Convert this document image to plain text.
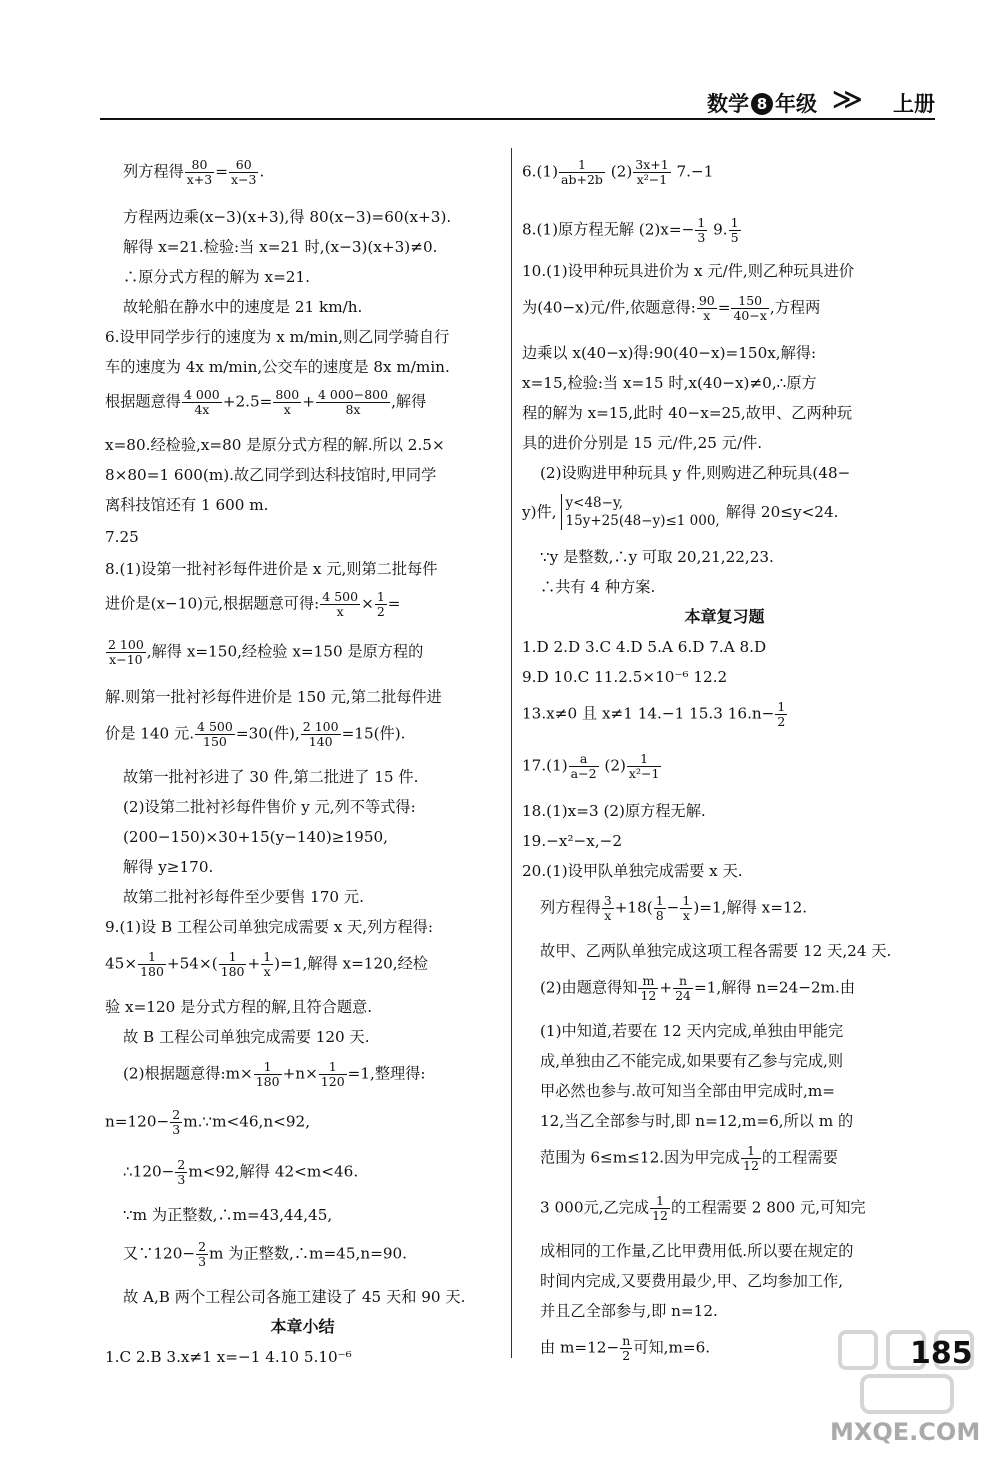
数学 8 年级 ≫ 上册
列方程得 $\frac{80}{x+3} = \frac{60}{x-3}$ .
方程两边乘(x−3)(x+3),得 80(x−3)=60(x+3).
解得 x=21.检验:当 x=21 时,(x−3)(x+3)≠0.
∴原分式方程的解为 x=21.
故轮船在静水中的速度是 21 km/h.
6.设甲同学步行的速度为 x m/min,则乙同学骑自行
车的速度为 4x m/min,公交车的速度是 8x m/min.
根据题意得 $\frac{4 000}{4x} +2.5= \frac{800}{x} + \frac{4 000-800}{8x}$ ,解得
x=80.经检验,x=80 是原分式方程的解.所以 2.5×
8×80=1 600(m).故乙同学到达科技馆时,甲同学
离科技馆还有 1 600 m.
7.25
8.(1)设第一批衬衫每件进价是 x 元,则第二批每件
进价是(x−10)元,根据题意可得: $\frac{4 500}{x} \times \frac{1}{2}$ =
$\frac{2 100}{x-10}$ ,解得 x=150,经检验 x=150 是原方程的
解.则第一批衬衫每件进价是 150 元,第二批每件进
价是 140 元. $\frac{4 500}{150} =30$(件), $\frac{2 100}{140} =15$(件).
故第一批衬衫进了 30 件,第二批进了 15 件.
(2)设第二批衬衫每件售价 y 元,列不等式得:
(200−150)×30+15(y−140)≥1950,
解得 y≥170.
故第二批衬衫每件至少要售 170 元.
9.(1)设 B 工程公司单独完成需要 x 天,列方程得:
$45\times \frac{1}{180} +54\times( \frac{1}{180} + \frac{1}{x} )=1$,解得 x=120,经检
验 x=120 是分式方程的解,且符合题意.
故 B 工程公司单独完成需要 120 天.
(2)根据题意得:m× $\frac{1}{180} +n\times \frac{1}{120} =1$,整理得:
$n=120- \frac{2}{3}$ m.∵m<46,n<92,
∴120− $\frac{2}{3} m<92$,解得 42<m<46.
∵m 为正整数,∴m=43,44,45,
又∵120− $\frac{2}{3}$ m 为正整数,∴m=45,n=90.
故 A,B 两个工程公司各施工建设了 45 天和 90 天.
本章小结
1.C 2.B 3.x≠1 x=−1 4.10 5.10⁻⁶
$6.(1) \frac{1}{ab+2b} (2) \frac{3x+1}{\text{x²−1}} 7.-1$
8.(1)原方程无解 $(2)x=- \frac{1}{3} 9$. $\frac{1}{5}$
10.(1)设甲种玩具进价为 x 元/件,则乙种玩具进价
为(40−x)元/件,依题意得: $\frac{90}{x} = \frac{150}{40-x}$ ,方程两
边乘以 x(40−x)得:90(40−x)=150x,解得:
x=15,检验:当 x=15 时,x(40−x)≠0,∴原方
程的解为 x=15,此时 40−x=25,故甲、乙两种玩
具的进价分别是 15 元/件,25 元/件.
(2)设购进甲种玩具 y 件,则购进乙种玩具(48−
y)件, y<48−y,
15y+25(48−y)≤1 000, 解得 20≤y<24.
∵y 是整数,∴y 可取 20,21,22,23.
∴共有 4 种方案.
本章复习题
1.D 2.D 3.C 4.D 5.A 6.D 7.A 8.D
9.D 10.C 11.2.5×10⁻⁶ 12.2
13.x≠0 且 x≠1 14.−1 15.3 $16.n- \frac{1}{2}$
$17.(1) \frac{a}{a-2} (2) \frac{1}{\text{x²−1}}$
18.(1)x=3 (2)原方程无解.
19.−x²−x,−2
20.(1)设甲队单独完成需要 x 天.
列方程得 $\frac{3}{x} +18( \frac{1}{8} - \frac{1}{x} )=1$,解得 x=12.
故甲、乙两队单独完成这项工程各需要 12 天,24 天.
(2)由题意得知 $\frac{m}{12} + \frac{n}{24} =1$,解得 n=24−2m.由
(1)中知道,若要在 12 天内完成,单独由甲能完
成,单独由乙不能完成,如果要有乙参与完成,则
甲必然也参与.故可知当全部由甲完成时,m=
12,当乙全部参与时,即 n=12,m=6,所以 m 的
范围为 6≤m≤12.因为甲完成 $\frac{1}{12}$ 的工程需要
3 000元,乙完成 $\frac{1}{12}$ 的工程需要 2 800 元,可知完
成相同的工作量,乙比甲费用低.所以要在规定的
时间内完成,又要费用最少,甲、乙均参加工作,
并且乙全部参与,即 n=12.
由 $m=12- \frac{n}{2}$ 可知,m=6.	185
MXQE.COM
